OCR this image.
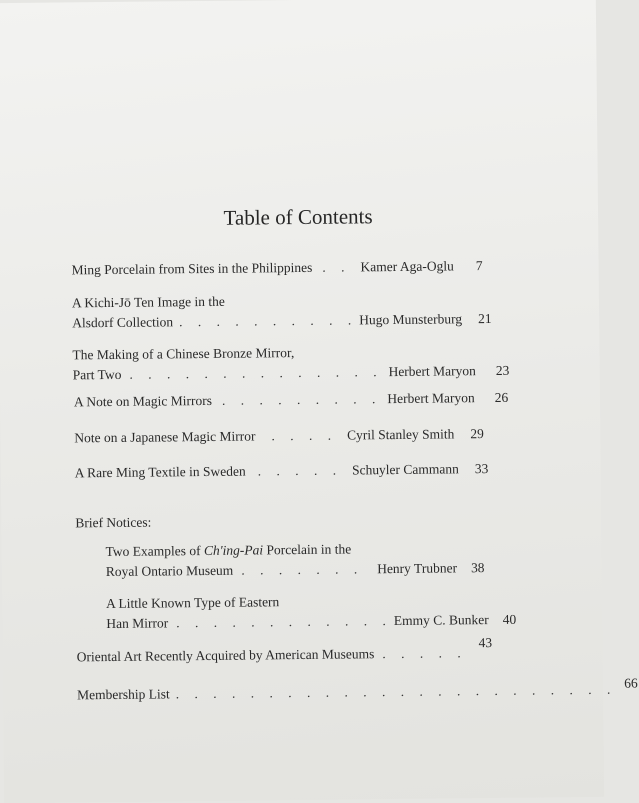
Table of Contents
Ming Porcelain from Sites in the Philippines . . Kamer Aga-Oglu 7
A Kichi-Jō Ten Image in the
Alsdorf Collection . . . . . . . . . . Hugo Munsterburg 21
The Making of a Chinese Bronze Mirror,
Part Two . . . . . . . . . . . . . . Herbert Maryon 23
A Note on Magic Mirrors . . . . . . . . . Herbert Maryon 26
Note on a Japanese Magic Mirror . . . . Cyril Stanley Smith 29
A Rare Ming Textile in Sweden . . . . . Schuyler Cammann 33
Brief Notices:
Two Examples of Ch'ing-Pai Porcelain in the
Royal Ontario Museum . . . . . . . Henry Trubner 38
A Little Known Type of Eastern
Han Mirror . . . . . . . . . . . . Emmy C. Bunker 40
Oriental Art Recently Acquired by American Museums . . . . .
43
Membership List . . . . . . . . . . . . . . . . . . . . . . . . 66
